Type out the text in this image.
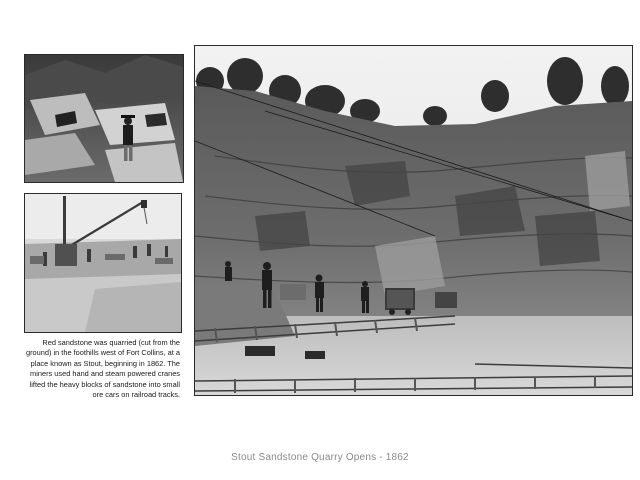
Red sandstone was quarried (cut from the ground) in the foothills west of Fort Collins, at a place known as Stout, beginning in 1862. The miners used hand and steam powered cranes lifted the heavy blocks of sandstone into small ore cars on railroad tracks.
Stout Sandstone Quarry Opens - 1862
